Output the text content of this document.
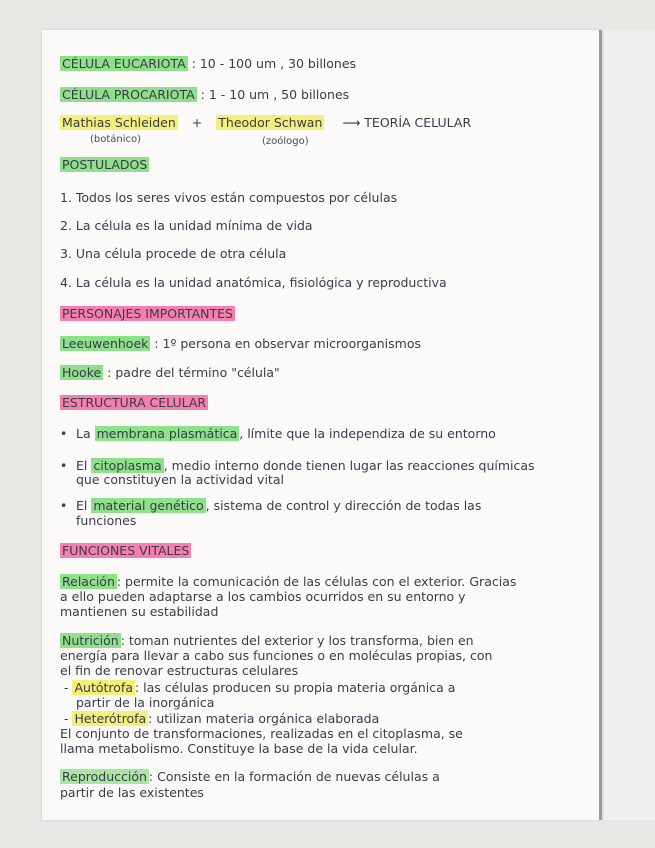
CÉLULA EUCARIOTA : 10 - 100 um , 30 billones
CÉLULA PROCARIOTA : 1 - 10 um , 50 billones
Mathias Schleiden + Theodor Schwan ⟶ TEORÍA CELULAR
(botánico)	(zoólogo)
POSTULADOS
1. Todos los seres vivos están compuestos por células
2. La célula es la unidad mínima de vida
3. Una célula procede de otra célula
4. La célula es la unidad anatómica, fisiológica y reproductiva
PERSONAJES IMPORTANTES
Leeuwenhoek : 1º persona en observar microorganismos
Hooke : padre del término "célula"
ESTRUCTURA CELULAR
• La membrana plasmática , límite que la independiza de su entorno
• El citoplasma , medio interno donde tienen lugar las reacciones químicas
que constituyen la actividad vital
• El material genético , sistema de control y dirección de todas las
funciones
FUNCIONES VITALES
Relación : permite la comunicación de las células con el exterior. Gracias
a ello pueden adaptarse a los cambios ocurridos en su entorno y
mantienen su estabilidad
Nutrición : toman nutrientes del exterior y los transforma, bien en
energía para llevar a cabo sus funciones o en moléculas propias, con
el fin de renovar estructuras celulares
- Autótrofa : las células producen su propia materia orgánica a
partir de la inorgánica
- Heterótrofa : utilizan materia orgánica elaborada
El conjunto de transformaciones, realizadas en el citoplasma, se
llama metabolismo. Constituye la base de la vida celular.
Reproducción : Consiste en la formación de nuevas células a
partir de las existentes
